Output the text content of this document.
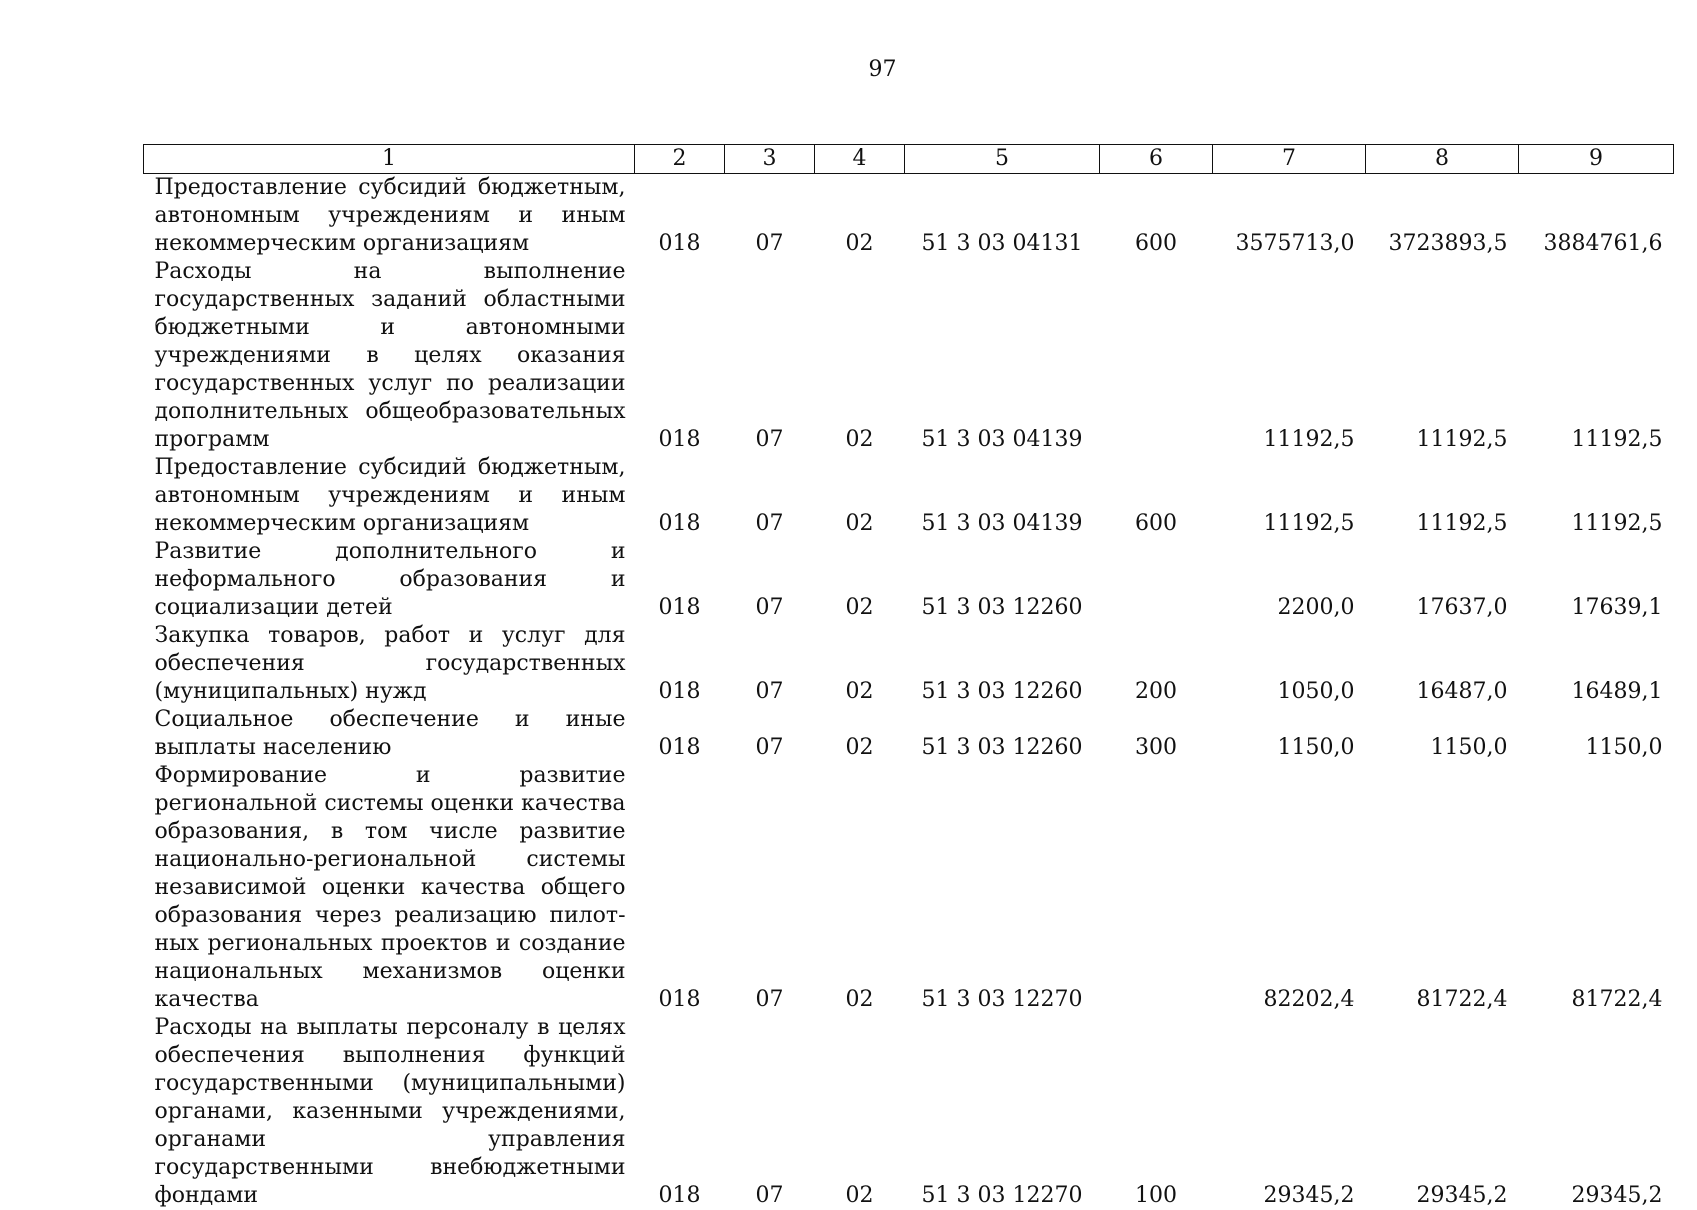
97
1	2	3	4	5	6	7	8	9
Предоставление субсидий бюджетным, автономным учреждениям и иным некоммерческим организациям	018	07	02	51 3 03 04131	600	3575713,0	3723893,5	3884761,6
Расходы на выполнение государственных заданий областными бюджетными и автономными учреждениями в целях оказания государственных услуг по реализации дополнительных общеобразовательных программ	018	07	02	51 3 03 04139		11192,5	11192,5	11192,5
Предоставление субсидий бюджетным, автономным учреждениям и иным некоммерческим организациям	018	07	02	51 3 03 04139	600	11192,5	11192,5	11192,5
Развитие дополнительного и неформального образования и социализации детей	018	07	02	51 3 03 12260		2200,0	17637,0	17639,1
Закупка товаров, работ и услуг для обеспечения государственных (муниципальных) нужд	018	07	02	51 3 03 12260	200	1050,0	16487,0	16489,1
Социальное обеспечение и иные выплаты населению	018	07	02	51 3 03 12260	300	1150,0	1150,0	1150,0
Формирование и развитие региональной системы оценки качества образования, в том числе развитие национально-региональной системы независимой оценки качества общего образования через реализацию пилотных региональных проектов и создание национальных механизмов оценки качества	018	07	02	51 3 03 12270		82202,4	81722,4	81722,4
Расходы на выплаты персоналу в целях обеспечения выполнения функций государственными (муниципальными) органами, казенными учреждениями, органами управления государственными внебюджетными фондами	018	07	02	51 3 03 12270	100	29345,2	29345,2	29345,2
